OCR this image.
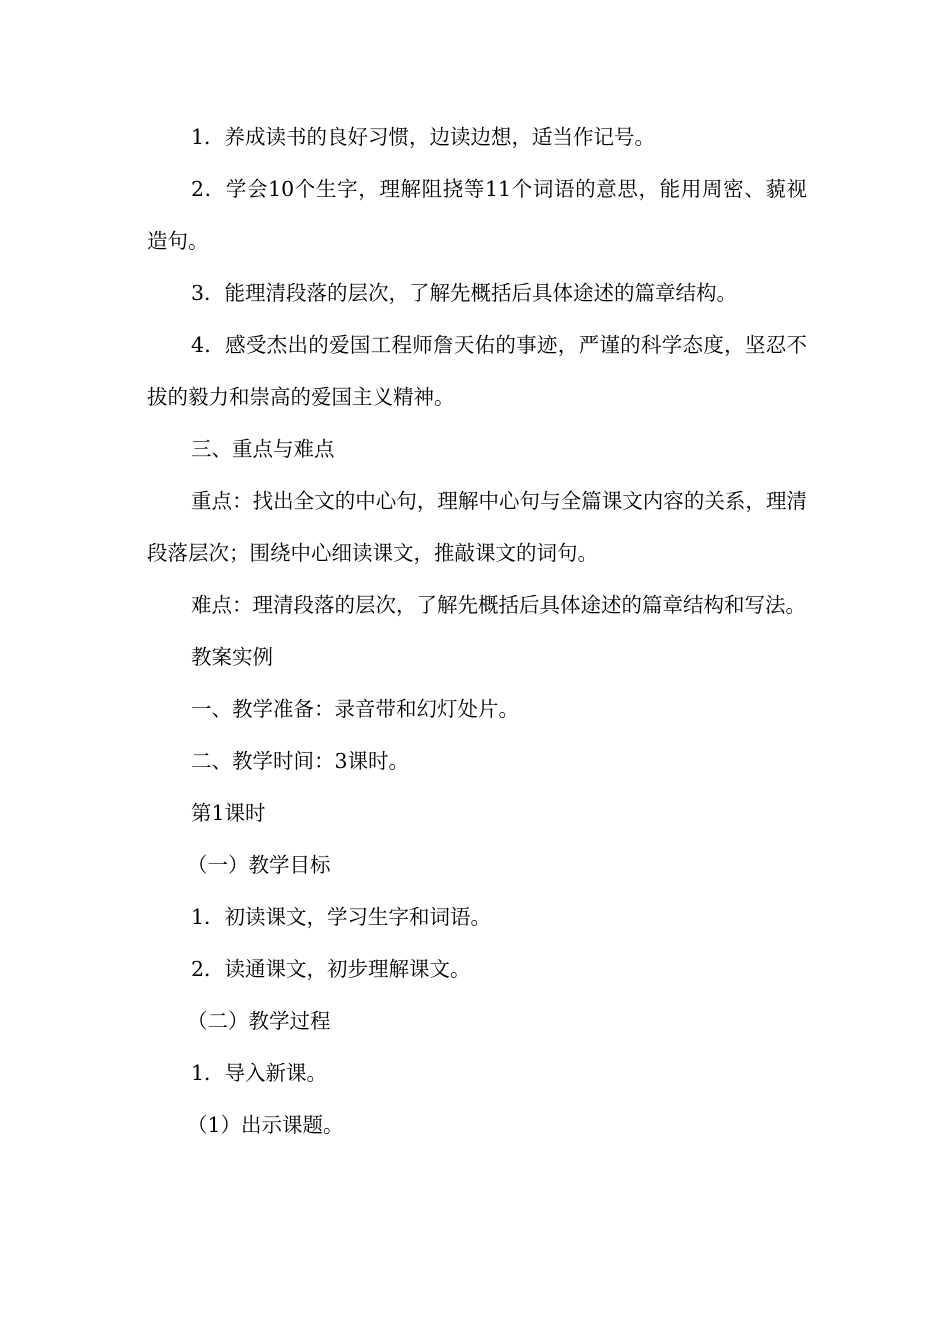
1．养成读书的良好习惯，边读边想，适当作记号。

2．学会10个生字，理解阻挠等11个词语的意思，能用周密、藐视造句。

3．能理清段落的层次，了解先概括后具体途述的篇章结构。

4．感受杰出的爱国工程师詹天佑的事迹，严谨的科学态度，坚忍不拔的毅力和崇高的爱国主义精神。

三、重点与难点

重点：找出全文的中心句，理解中心句与全篇课文内容的关系，理清段落层次；围绕中心细读课文，推敲课文的词句。

难点：理清段落的层次，了解先概括后具体途述的篇章结构和写法。

教案实例

一、教学准备：录音带和幻灯处片。

二、教学时间：3课时。

第1课时

（一）教学目标

1．初读课文，学习生字和词语。

2．读通课文，初步理解课文。

（二）教学过程

1．导入新课。

（1）出示课题。
